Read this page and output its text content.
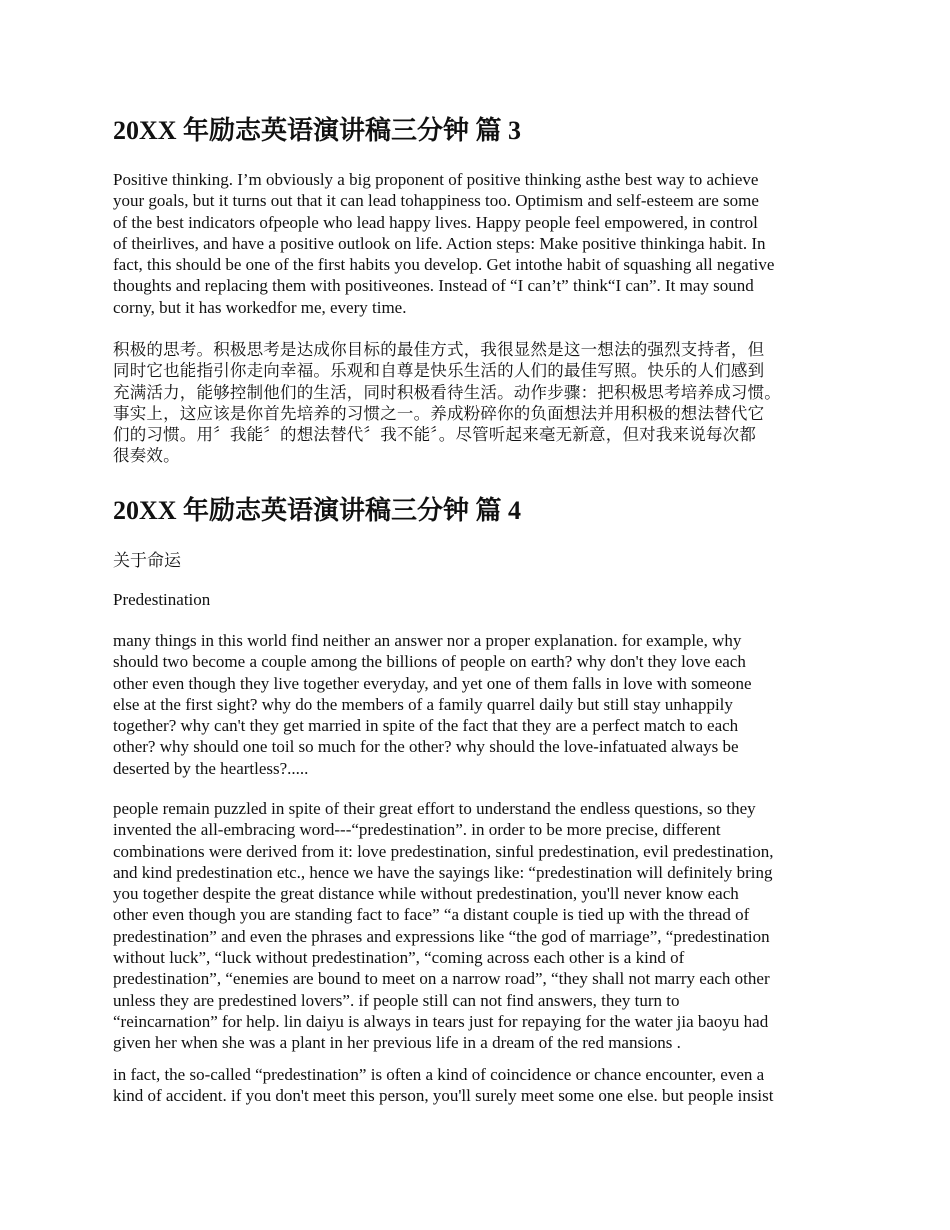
20XX 年励志英语演讲稿三分钟 篇 3
Positive thinking. I’m obviously a big proponent of positive thinking asthe best way to achieve
your goals, but it turns out that it can lead tohappiness too. Optimism and self-esteem are some
of the best indicators ofpeople who lead happy lives. Happy people feel empowered, in control
of theirlives, and have a positive outlook on life. Action steps: Make positive thinkinga habit. In
fact, this should be one of the first habits you develop. Get intothe habit of squashing all negative
thoughts and replacing them with positiveones. Instead of “I can’t” think“I can”. It may sound
corny, but it has workedfor me, every time.
积极的思考。积极思考是达成你目标的最佳方式，我很显然是这一想法的强烈支持者，但
同时它也能指引你走向幸福。乐观和自尊是快乐生活的人们的最佳写照。快乐的人们感到
充满活力，能够控制他们的生活，同时积极看待生活。动作步骤：把积极思考培养成习惯。
事实上，这应该是你首先培养的习惯之一。养成粉碎你的负面想法并用积极的想法替代它
们的习惯。用〞我能〞的想法替代〞我不能〞。尽管听起来毫无新意，但对我来说每次都
很奏效。
20XX 年励志英语演讲稿三分钟 篇 4
关于命运
Predestination
many things in this world find neither an answer nor a proper explanation. for example, why
should two become a couple among the billions of people on earth? why don't they love each
other even though they live together everyday, and yet one of them falls in love with someone
else at the first sight? why do the members of a family quarrel daily but still stay unhappily
together? why can't they get married in spite of the fact that they are a perfect match to each
other? why should one toil so much for the other? why should the love-infatuated always be
deserted by the heartless?.....
people remain puzzled in spite of their great effort to understand the endless questions, so they
invented the all-embracing word---“predestination”. in order to be more precise, different
combinations were derived from it: love predestination, sinful predestination, evil predestination,
and kind predestination etc., hence we have the sayings like: “predestination will definitely bring
you together despite the great distance while without predestination, you'll never know each
other even though you are standing fact to face” “a distant couple is tied up with the thread of
predestination” and even the phrases and expressions like “the god of marriage”, “predestination
without luck”, “luck without predestination”, “coming across each other is a kind of
predestination”, “enemies are bound to meet on a narrow road”, “they shall not marry each other
unless they are predestined lovers”. if people still can not find answers, they turn to
“reincarnation” for help. lin daiyu is always in tears just for repaying for the water jia baoyu had
given her when she was a plant in her previous life in a dream of the red mansions .
in fact, the so-called “predestination” is often a kind of coincidence or chance encounter, even a
kind of accident. if you don't meet this person, you'll surely meet some one else. but people insist
